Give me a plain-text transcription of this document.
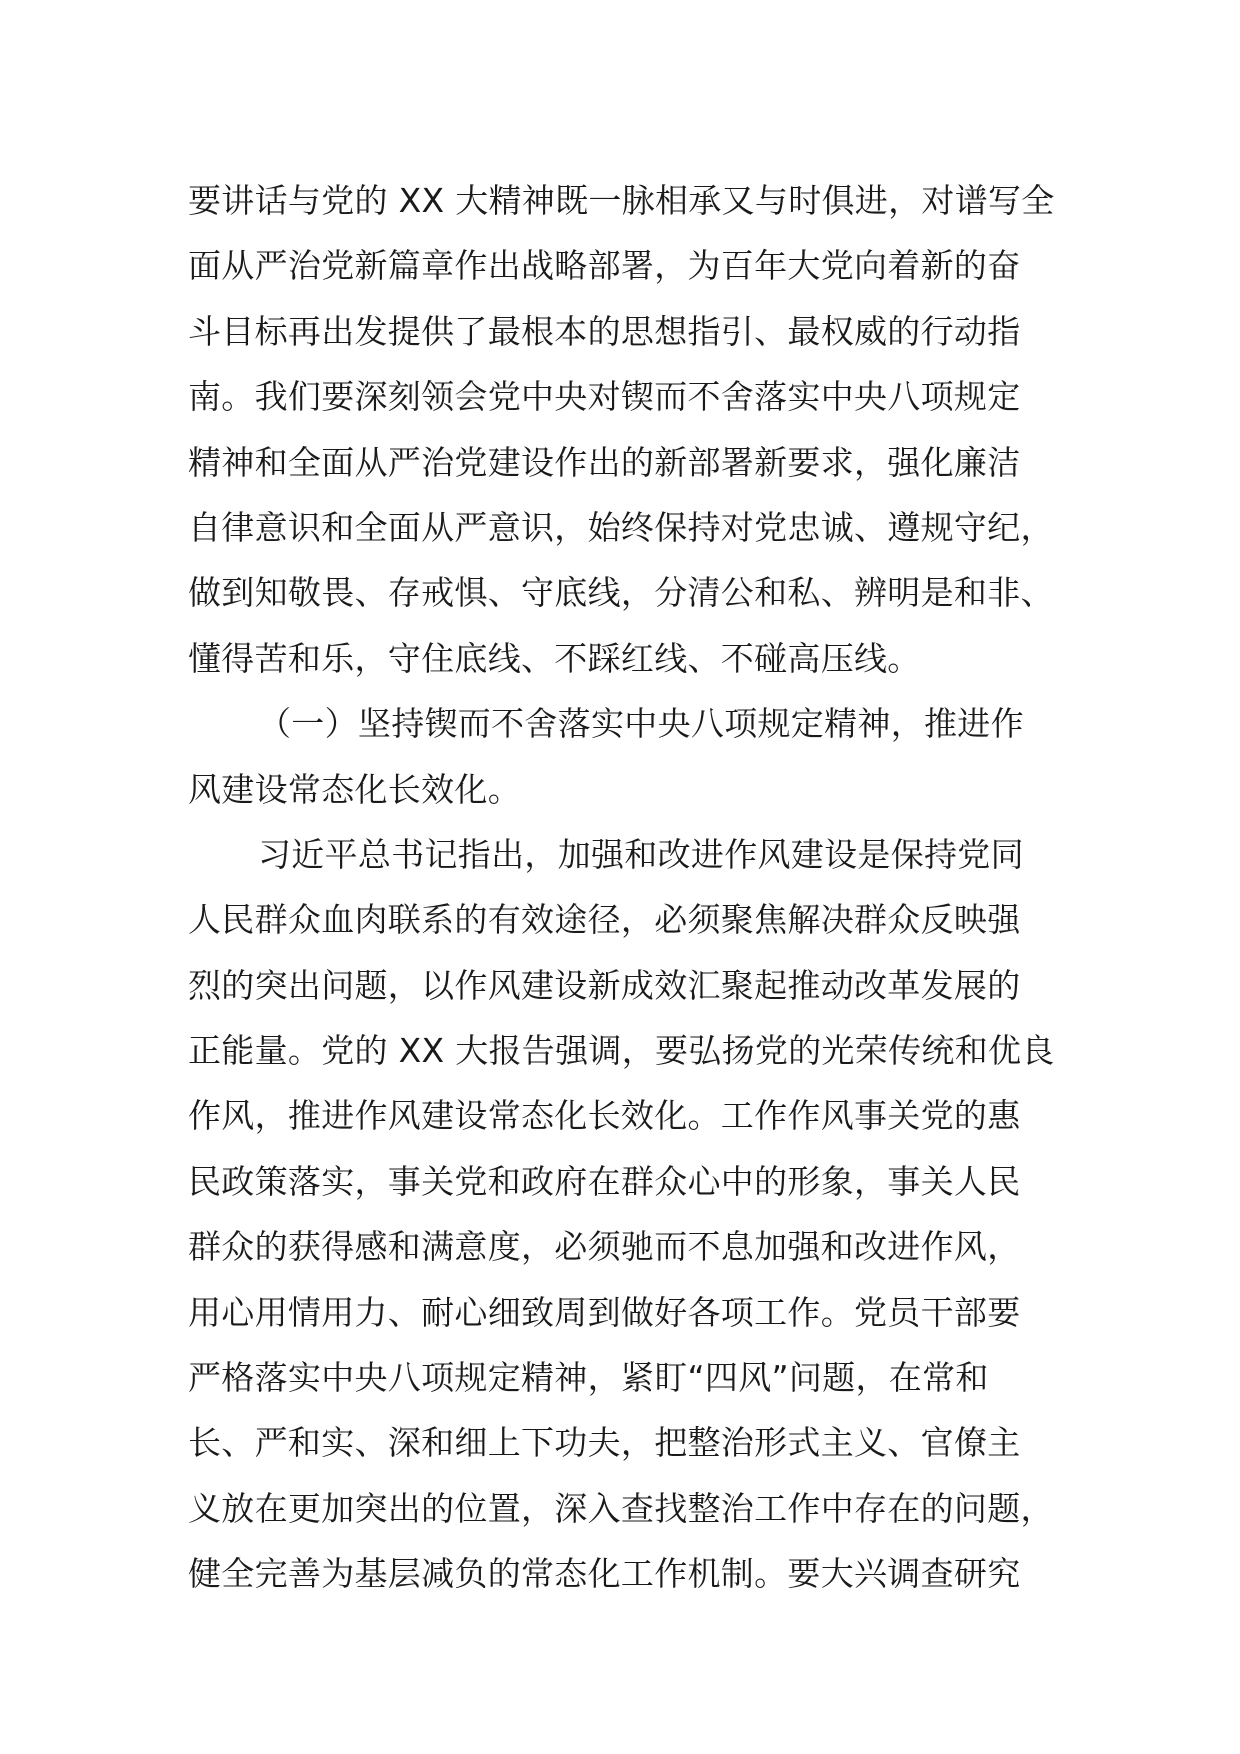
要讲话与党的 XX 大精神既一脉相承又与时俱进，对谱写全
面从严治党新篇章作出战略部署，为百年大党向着新的奋
斗目标再出发提供了最根本的思想指引、最权威的行动指
南。我们要深刻领会党中央对锲而不舍落实中央八项规定
精神和全面从严治党建设作出的新部署新要求，强化廉洁
自律意识和全面从严意识，始终保持对党忠诚、遵规守纪，
做到知敬畏、存戒惧、守底线，分清公和私、辨明是和非、
懂得苦和乐，守住底线、不踩红线、不碰高压线。
（一）坚持锲而不舍落实中央八项规定精神，推进作
风建设常态化长效化。
习近平总书记指出，加强和改进作风建设是保持党同
人民群众血肉联系的有效途径，必须聚焦解决群众反映强
烈的突出问题，以作风建设新成效汇聚起推动改革发展的
正能量。党的 XX 大报告强调，要弘扬党的光荣传统和优良
作风，推进作风建设常态化长效化。工作作风事关党的惠
民政策落实，事关党和政府在群众心中的形象，事关人民
群众的获得感和满意度，必须驰而不息加强和改进作风，
用心用情用力、耐心细致周到做好各项工作。党员干部要
严格落实中央八项规定精神，紧盯“四风”问题，在常和
长、严和实、深和细上下功夫，把整治形式主义、官僚主
义放在更加突出的位置，深入查找整治工作中存在的问题，
健全完善为基层减负的常态化工作机制。要大兴调查研究
